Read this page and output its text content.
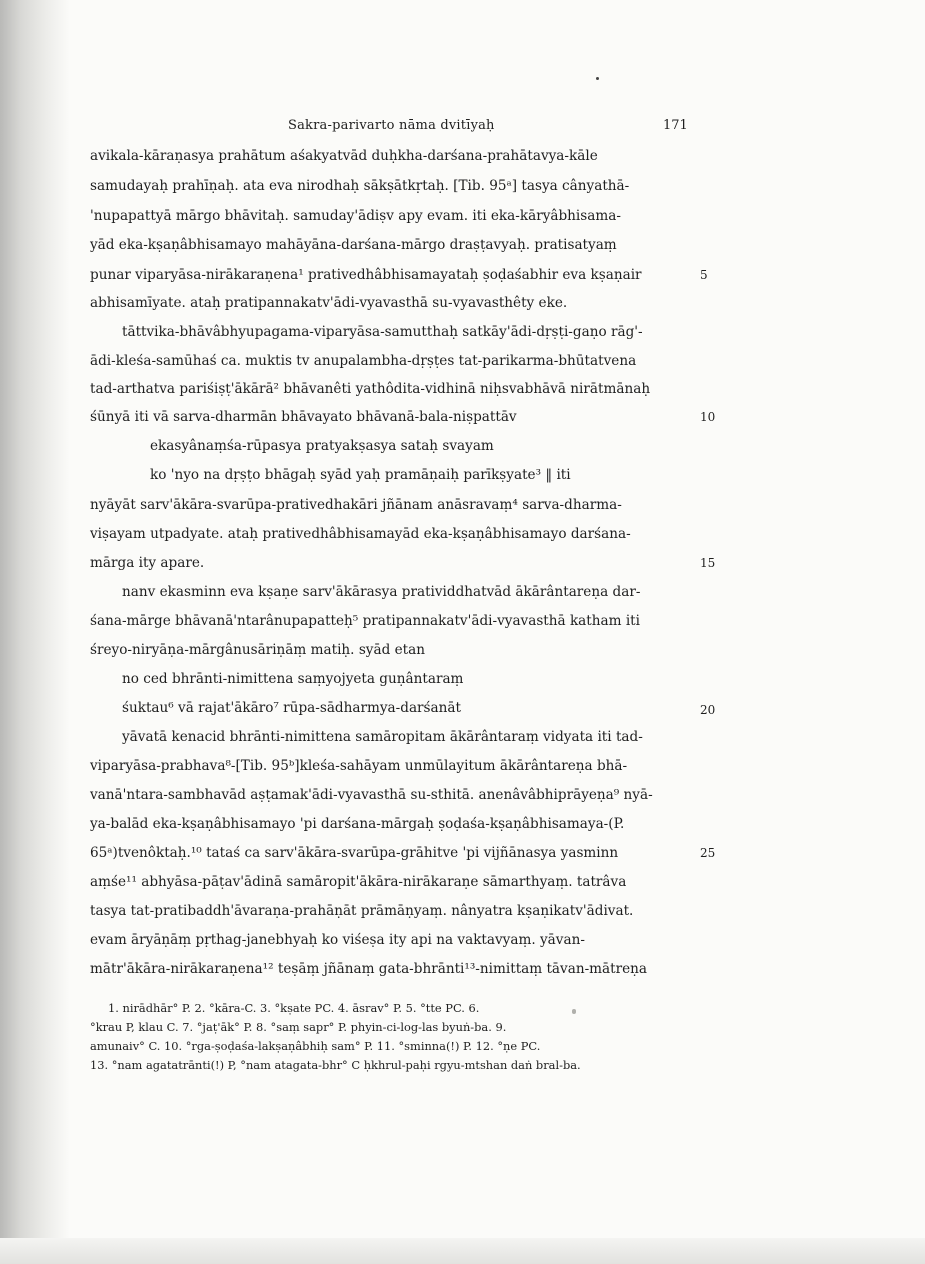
Sakra-parivarto nāma dvitīyaḥ	171
avikala-kāraṇasya prahātum aśakyatvād duḥkha-darśana-prahātavya-kāle
samudayaḥ prahīṇaḥ. ata eva nirodhaḥ sākṣātkṛtaḥ. [Tib. 95ᵃ] tasya cânyathā-
'nupapattyā mārgo bhāvitaḥ. samuday'ādiṣv apy evam. iti eka-kāryâbhisama-
yād eka-kṣaṇâbhisamayo mahāyāna-darśana-mārgo draṣṭavyaḥ. pratisatyaṃ
punar viparyāsa-nirākaraṇena¹ prativedhâbhisamayataḥ ṣoḍaśabhir eva kṣaṇair
abhisamīyate. ataḥ pratipannakatv'ādi-vyavasthā su-vyavasthêty eke.
tāttvika-bhāvâbhyupagama-viparyāsa-samutthaḥ satkāy'ādi-dṛṣṭi-gaṇo rāg'-
ādi-kleśa-samūhaś ca. muktis tv anupalambha-dṛṣṭes tat-parikarma-bhūtatvena
tad-arthatva pariśiṣṭ'ākārā² bhāvanêti yathôdita-vidhinā niḥsvabhāvā nirātmānaḥ
śūnyā iti vā sarva-dharmān bhāvayato bhāvanā-bala-niṣpattāv
ekasyânaṃśa-rūpasya pratyakṣasya sataḥ svayam
ko 'nyo na dṛṣṭo bhāgaḥ syād yaḥ pramāṇaiḥ parīkṣyate³ ‖ iti
nyāyāt sarv'ākāra-svarūpa-prativedhakāri jñānam anāsravaṃ⁴ sarva-dharma-
viṣayam utpadyate. ataḥ prativedhâbhisamayād eka-kṣaṇâbhisamayo darśana-
mārga ity apare.
nanv ekasminn eva kṣaṇe sarv'ākārasya pratividdhatvād ākārântareṇa dar-
śana-mārge bhāvanā'ntarânupapatteḥ⁵ pratipannakatv'ādi-vyavasthā katham iti
śreyo-niryāṇa-mārgânusāriṇāṃ matiḥ. syād etan
no ced bhrānti-nimittena saṃyojyeta guṇântaraṃ
śuktau⁶ vā rajat'ākāro⁷ rūpa-sādharmya-darśanāt
yāvatā kenacid bhrānti-nimittena samāropitam ākārântaraṃ vidyata iti tad-
viparyāsa-prabhava⁸-[Tib. 95ᵇ]kleśa-sahāyam unmūlayitum ākārântareṇa bhā-
vanā'ntara-sambhavād aṣṭamak'ādi-vyavasthā su-sthitā. anenâvâbhiprāyeṇa⁹ nyā-
ya-balād eka-kṣaṇâbhisamayo 'pi darśana-mārgaḥ ṣoḍaśa-kṣaṇâbhisamaya-(P.
65ᵃ)tvenôktaḥ.¹⁰ tataś ca sarv'ākāra-svarūpa-grāhitve 'pi vijñānasya yasminn
aṃśe¹¹ abhyāsa-pāṭav'ādinā samāropit'ākāra-nirākaraṇe sāmarthyaṃ. tatrâva
tasya tat-pratibaddh'āvaraṇa-prahāṇāt prāmāṇyaṃ. nânyatra kṣaṇikatv'ādivat.
evam āryāṇāṃ pṛthag-janebhyaḥ ko viśeṣa ity api na vaktavyaṃ. yāvan-
mātr'ākāra-nirākaraṇena¹² teṣāṃ jñānaṃ gata-bhrānti¹³-nimittaṃ tāvan-mātreṇa
5
10
15
20
25
1. nirādhār° P. 2. °kāra-C. 3. °kṣate PC. 4. āsrav° P. 5. °tte PC. 6.
°krau P, klau C. 7. °jaṭ'āk° P. 8. °saṃ sapr° P. phyin-ci-log-las byuṅ-ba. 9.
amunaiv° C. 10. °rga-ṣoḍaśa-lakṣaṇâbhiḥ sam° P. 11. °sminna(!) P. 12. °ṇe PC.
13. °nam agatatrānti(!) P, °nam atagata-bhr° C ḥkhrul-paḥi rgyu-mtshan daṅ bral-ba.
